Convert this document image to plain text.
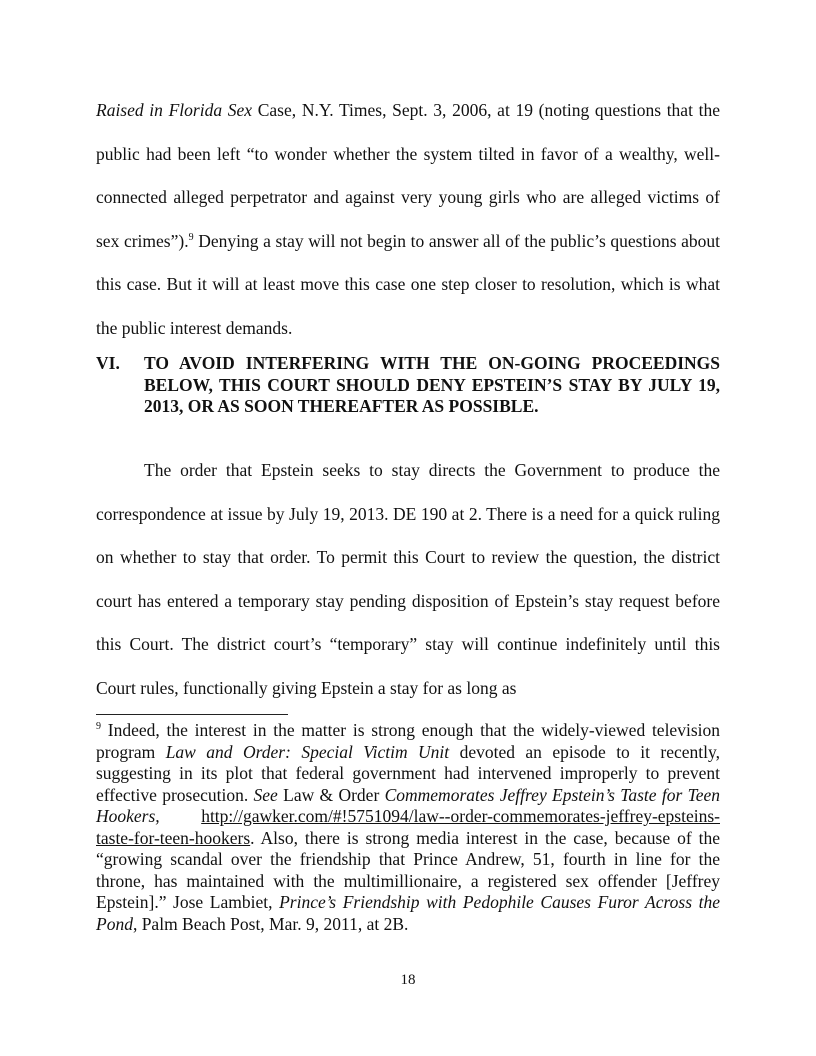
Raised in Florida Sex Case, N.Y. Times, Sept. 3, 2006, at 19 (noting questions that the public had been left “to wonder whether the system tilted in favor of a wealthy, well-connected alleged perpetrator and against very young girls who are alleged victims of sex crimes”).$^9$ Denying a stay will not begin to answer all of the public’s questions about this case. But it will at least move this case one step closer to resolution, which is what the public interest demands.

VI.	TO AVOID INTERFERING WITH THE ON-GOING PROCEEDINGS BELOW, THIS COURT SHOULD DENY EPSTEIN’S STAY BY JULY 19, 2013, OR AS SOON THEREAFTER AS POSSIBLE.

The order that Epstein seeks to stay directs the Government to produce the correspondence at issue by July 19, 2013. DE 190 at 2. There is a need for a quick ruling on whether to stay that order. To permit this Court to review the question, the district court has entered a temporary stay pending disposition of Epstein’s stay request before this Court. The district court’s “temporary” stay will continue indefinitely until this Court rules, functionally giving Epstein a stay for as long as

$^9$ Indeed, the interest in the matter is strong enough that the widely-viewed television program Law and Order: Special Victim Unit devoted an episode to it recently, suggesting in its plot that federal government had intervened improperly to prevent effective prosecution. See Law & Order Commemorates Jeffrey Epstein’s Taste for Teen Hookers, http://gawker.com/#!5751094/law--order-commemorates-jeffrey-epsteins-taste-for-teen-hookers. Also, there is strong media interest in the case, because of the “growing scandal over the friendship that Prince Andrew, 51, fourth in line for the throne, has maintained with the multimillionaire, a registered sex offender [Jeffrey Epstein].” Jose Lambiet, Prince’s Friendship with Pedophile Causes Furor Across the Pond, Palm Beach Post, Mar. 9, 2011, at 2B.

18
